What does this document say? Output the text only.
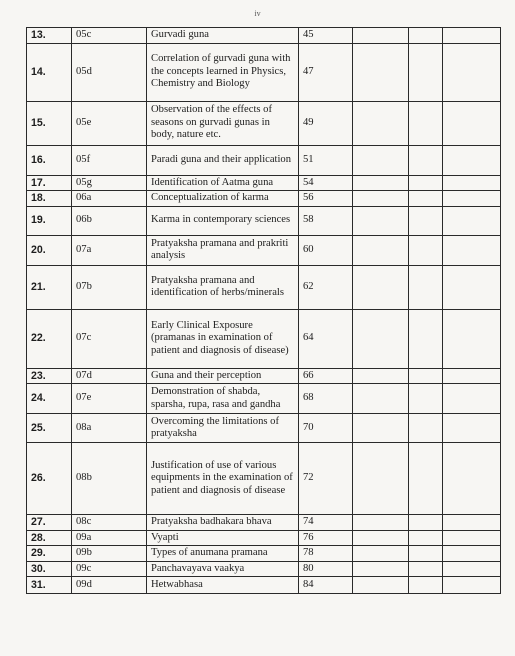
iv
13.	05c	Gurvadi guna	45			
14.	05d	Correlation of gurvadi guna with the concepts learned in Physics, Chemistry and Biology	47			
15.	05e	Observation of the effects of seasons on gurvadi gunas in body, nature etc.	49			
16.	05f	Paradi guna and their application	51			
17.	05g	Identification of Aatma guna	54			
18.	06a	Conceptualization of karma	56			
19.	06b	Karma in contemporary sciences	58			
20.	07a	Pratyaksha pramana and prakriti analysis	60			
21.	07b	Pratyaksha pramana and identification of herbs/minerals	62			
22.	07c	Early Clinical Exposure (pramanas in examination of patient and diagnosis of disease)	64			
23.	07d	Guna and their perception	66			
24.	07e	Demonstration of shabda, sparsha, rupa, rasa and gandha	68			
25.	08a	Overcoming the limitations of pratyaksha	70			
26.	08b	Justification of use of various equipments in the examination of patient and diagnosis of disease	72			
27.	08c	Pratyaksha badhakara bhava	74			
28.	09a	Vyapti	76			
29.	09b	Types of anumana pramana	78			
30.	09c	Panchavayava vaakya	80			
31.	09d	Hetwabhasa	84			
